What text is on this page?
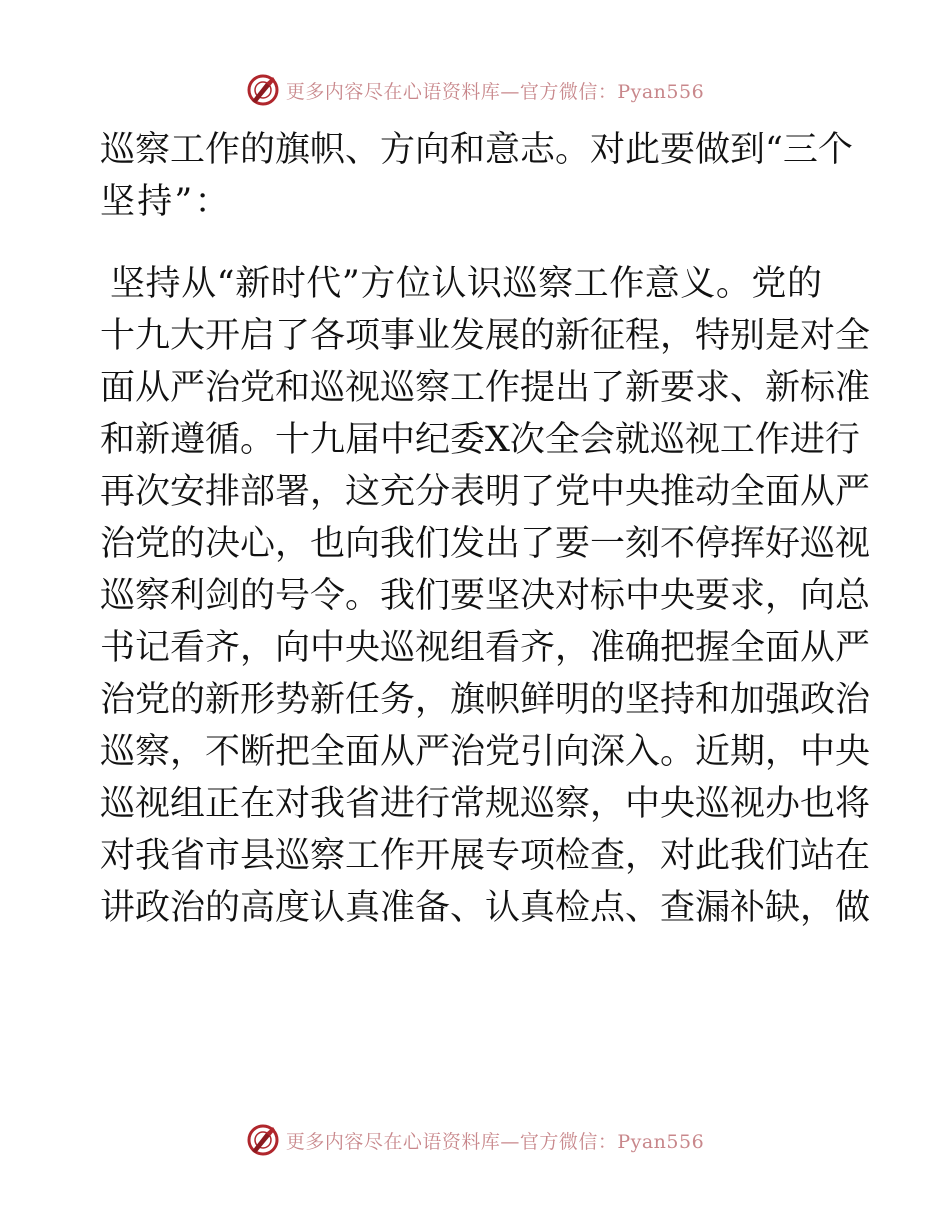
更多内容尽在心语资料库—官方微信：Pyan556
巡察工作的旗帜、方向和意志。对此要做到“三个
坚持”：
坚持从“新时代”方位认识巡察工作意义。党的
十九大开启了各项事业发展的新征程，特别是对全
面从严治党和巡视巡察工作提出了新要求、新标准
和新遵循。十九届中纪委X次全会就巡视工作进行
再次安排部署，这充分表明了党中央推动全面从严
治党的决心，也向我们发出了要一刻不停挥好巡视
巡察利剑的号令。我们要坚决对标中央要求，向总
书记看齐，向中央巡视组看齐，准确把握全面从严
治党的新形势新任务，旗帜鲜明的坚持和加强政治
巡察，不断把全面从严治党引向深入。近期，中央
巡视组正在对我省进行常规巡察，中央巡视办也将
对我省市县巡察工作开展专项检查，对此我们站在
讲政治的高度认真准备、认真检点、查漏补缺，做
更多内容尽在心语资料库—官方微信：Pyan556
